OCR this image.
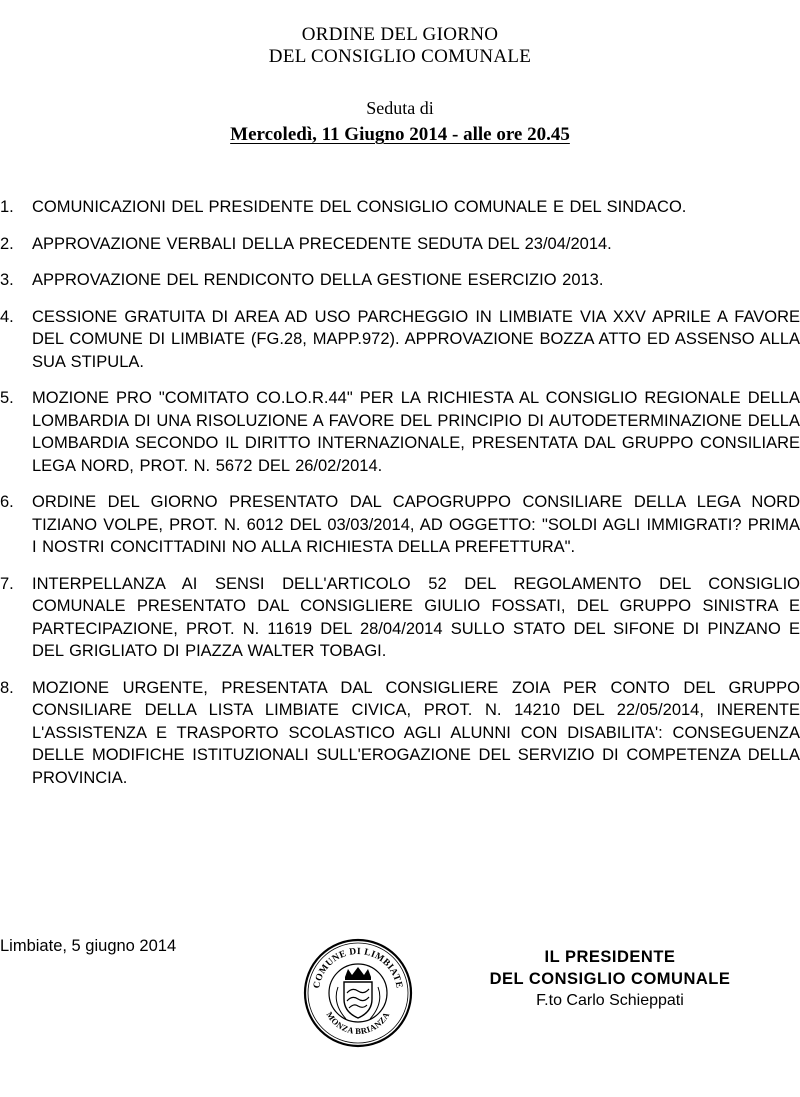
ORDINE DEL GIORNO
DEL CONSIGLIO COMUNALE
Seduta di
Mercoledì, 11 Giugno 2014 - alle ore 20.45
1.	COMUNICAZIONI DEL PRESIDENTE DEL CONSIGLIO COMUNALE E DEL SINDACO.
2.	APPROVAZIONE VERBALI DELLA PRECEDENTE SEDUTA DEL 23/04/2014.
3.	APPROVAZIONE DEL RENDICONTO DELLA GESTIONE ESERCIZIO 2013.
4.	CESSIONE GRATUITA DI AREA AD USO PARCHEGGIO IN LIMBIATE VIA XXV APRILE A FAVORE DEL COMUNE DI LIMBIATE (FG.28, MAPP.972). APPROVAZIONE BOZZA ATTO ED ASSENSO ALLA SUA STIPULA.
5.	MOZIONE PRO "COMITATO CO.LO.R.44" PER LA RICHIESTA AL CONSIGLIO REGIONALE DELLA LOMBARDIA DI UNA RISOLUZIONE A FAVORE DEL PRINCIPIO DI AUTODETERMINAZIONE DELLA LOMBARDIA SECONDO IL DIRITTO INTERNAZIONALE, PRESENTATA DAL GRUPPO CONSILIARE LEGA NORD, PROT. N. 5672 DEL 26/02/2014.
6.	ORDINE DEL GIORNO PRESENTATO DAL CAPOGRUPPO CONSILIARE DELLA LEGA NORD TIZIANO VOLPE, PROT. N. 6012 DEL 03/03/2014, AD OGGETTO: "SOLDI AGLI IMMIGRATI? PRIMA I NOSTRI CONCITTADINI NO ALLA RICHIESTA DELLA PREFETTURA".
7.	INTERPELLANZA AI SENSI DELL'ARTICOLO 52 DEL REGOLAMENTO DEL CONSIGLIO COMUNALE PRESENTATO DAL CONSIGLIERE GIULIO FOSSATI, DEL GRUPPO SINISTRA E PARTECIPAZIONE, PROT. N. 11619 DEL 28/04/2014 SULLO STATO DEL SIFONE DI PINZANO E DEL GRIGLIATO DI PIAZZA WALTER TOBAGI.
8.	MOZIONE URGENTE, PRESENTATA DAL CONSIGLIERE ZOIA PER CONTO DEL GRUPPO CONSILIARE DELLA LISTA LIMBIATE CIVICA, PROT. N. 14210 DEL 22/05/2014, INERENTE L'ASSISTENZA E TRASPORTO SCOLASTICO AGLI ALUNNI CON DISABILITA': CONSEGUENZA DELLE MODIFICHE ISTITUZIONALI SULL'EROGAZIONE DEL SERVIZIO DI COMPETENZA DELLA PROVINCIA.
Limbiate, 5 giugno 2014
COMUNE DI LIMBIATE
MONZA BRIANZA
IL PRESIDENTE
DEL CONSIGLIO COMUNALE
F.to Carlo Schieppati
